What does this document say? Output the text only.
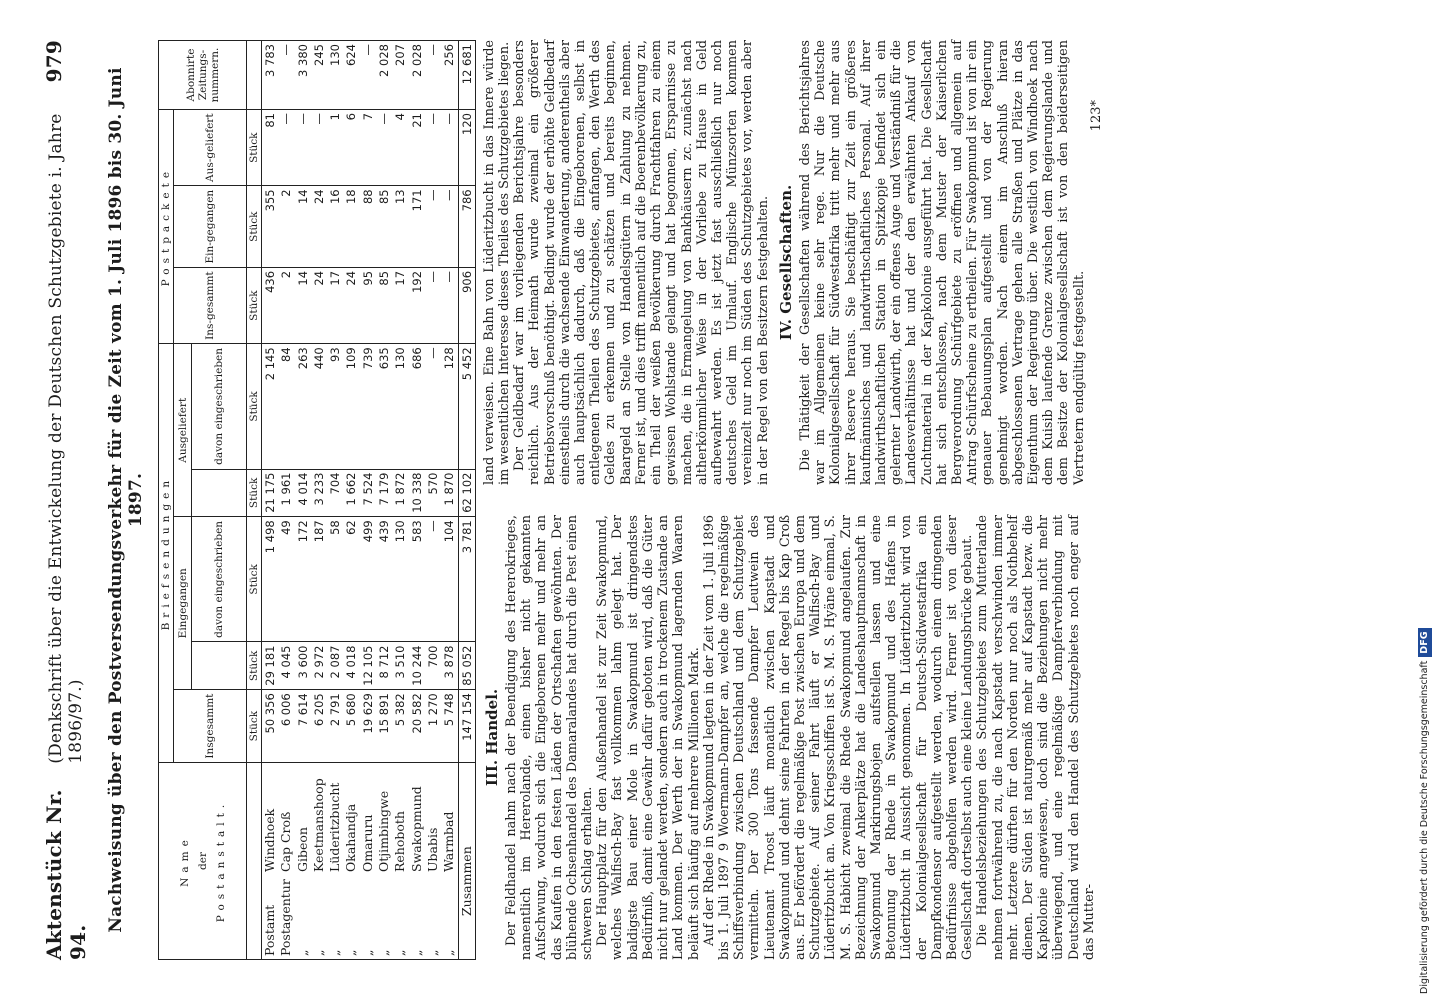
Aktenstück Nr. 94.
(Denkschrift über die Entwickelung der Deutschen Schutzgebiete i. Jahre 1896/97.)
979
Nachweisung über den Postversendungsverkehr für die Zeit vom 1. Juli 1896 bis 30. Juni 1897.
Name der Postanstalt.	Briefsendungen					Postpackete			Abonnirte Zeitungs-nummern.
	Insgesammt	Eingegangen		Ausgeliefert		Ins-gesammt	Ein-gegangen	Aus-geliefert	
			davon eingeschrieben		davon eingeschrieben				
	Stück	Stück	Stück	Stück	Stück	Stück	Stück	Stück	
PostamtWindhoek	50 356	29 181	1 498	21 175	2 145	436	355	81	3 783
PostagenturCap Croß	6 006	4 045	49	1 961	84	2	2	—	—
„Gibeon	7 614	3 600	172	4 014	263	14	14	—	3 380
„Keetmanshoop	6 205	2 972	187	3 233	440	24	24	—	245
„Lüderitzbucht	2 791	2 087	58	704	93	17	16	1	130
„Okahandja	5 680	4 018	62	1 662	109	24	18	6	624
„Omaruru	19 629	12 105	499	7 524	739	95	88	7	—
„Otjimbingwe	15 891	8 712	439	7 179	635	85	85	—	2 028
„Rehoboth	5 382	3 510	130	1 872	130	17	13	4	207
„Swakopmund	20 582	10 244	583	10 338	686	192	171	21	2 028
„Ubabis	1 270	700	—	570	—	—	—	—	—
„Warmbad	5 748	3 878	104	1 870	128	—	—	—	256
Zusammen	147 154	85 052	3 781	62 102	5 452	906	786	120	12 681
III. Handel. Der Feldhandel nahm nach der Beendigung des Hererokrieges, namentlich im Hererolande, einen bisher nicht gekannten Aufschwung, wodurch sich die Eingeborenen mehr und mehr an das Kaufen in den festen Läden der Ortschaften gewöhnten. Der blühende Ochsenhandel des Damaralandes hat durch die Pest einen schweren Schlag erhalten. Der Hauptplatz für den Außenhandel ist zur Zeit Swakopmund, welches Walfisch-Bay fast vollkommen lahm gelegt hat. Der baldigste Bau einer Mole in Swakopmund ist dringendstes Bedürfniß, damit eine Gewähr dafür geboten wird, daß die Güter nicht nur gelandet werden, sondern auch in trockenem Zustande an Land kommen. Der Werth der in Swakopmund lagernden Waaren beläuft sich häufig auf mehrere Millionen Mark. Auf der Rhede in Swakopmund legten in der Zeit vom 1. Juli 1896 bis 1. Juli 1897 9 Woermann-Dampfer an, welche die regelmäßige Schiffsverbindung zwischen Deutschland und dem Schutzgebiet vermitteln. Der 300 Tons fassende Dampfer Leutwein des Lieutenant Troost läuft monatlich zwischen Kapstadt und Swakopmund und dehnt seine Fahrten in der Regel bis Kap Croß aus. Er befördert die regelmäßige Post zwischen Europa und dem Schutzgebiete. Auf seiner Fahrt läuft er Walfisch-Bay und Lüderitzbucht an. Von Kriegsschiffen ist S. M. S. Hyäne einmal, S. M. S. Habicht zweimal die Rhede Swakopmund angelaufen. Zur Bezeichnung der Ankerplätze hat die Landeshauptmannschaft in Swakopmund Markirungsbojen aufstellen lassen und eine Betonnung der Rhede in Swakopmund und des Hafens in Lüderitzbucht in Aussicht genommen. In Lüderitzbucht wird von der Kolonialgesellschaft für Deutsch-Südwestafrika ein Dampfkondensor aufgestellt werden, wodurch einem dringenden Bedürfnisse abgeholfen werden wird. Ferner ist von dieser Gesellschaft dortselbst auch eine kleine Landungsbrücke gebaut. Die Handelsbeziehungen des Schutzgebietes zum Mutterlande nehmen fortwährend zu, die nach Kapstadt verschwinden immer mehr. Letztere dürften für den Norden nur noch als Nothbehelf dienen. Der Süden ist naturgemäß mehr auf Kapstadt bezw. die Kapkolonie angewiesen, doch sind die Beziehungen nicht mehr überwiegend, und eine regelmäßige Dampferverbindung mit Deutschland wird den Handel des Schutzgebietes noch enger auf das Mutter-

land verweisen. Eine Bahn von Lüderitzbucht in das Innere würde im wesentlichen Interesse dieses Theiles des Schutzgebietes liegen. Der Geldbedarf war im vorliegenden Berichtsjahre besonders reichlich. Aus der Heimath wurde zweimal ein größerer Betriebsvorschuß benöthigt. Bedingt wurde der erhöhte Geldbedarf einestheils durch die wachsende Einwanderung, anderentheils aber auch hauptsächlich dadurch, daß die Eingeborenen, selbst in entlegenen Theilen des Schutzgebietes, anfangen, den Werth des Geldes zu erkennen und zu schätzen und bereits beginnen, Baargeld an Stelle von Handelsgütern in Zahlung zu nehmen. Ferner ist, und dies trifft namentlich auf die Boerenbevölkerung zu, ein Theil der weißen Bevölkerung durch Frachtfahren zu einem gewissen Wohlstande gelangt und hat begonnen, Ersparnisse zu machen, die in Ermangelung von Bankhäusern zc. zunächst nach altherkömmlicher Weise in der Vorliebe zu Hause in Geld aufbewahrt werden. Es ist jetzt fast ausschließlich nur noch deutsches Geld im Umlauf. Englische Münzsorten kommen vereinzelt nur noch im Süden des Schutzgebietes vor, werden aber in der Regel von den Besitzern festgehalten. IV. Gesellschaften. Die Thätigkeit der Gesellschaften während des Berichtsjahres war im Allgemeinen keine sehr rege. Nur die Deutsche Kolonialgesellschaft für Südwestafrika tritt mehr und mehr aus ihrer Reserve heraus. Sie beschäftigt zur Zeit ein größeres kaufmännisches und landwirthschaftliches Personal. Auf ihrer landwirthschaftlichen Station in Spitzkopje befindet sich ein gelernter Landwirth, der ein offenes Auge und Verständniß für die Landesverhältnisse hat und der den erwähnten Ankauf von Zuchtmaterial in der Kapkolonie ausgeführt hat. Die Gesellschaft hat sich entschlossen, nach dem Muster der Kaiserlichen Bergverordnung Schürfgebiete zu eröffnen und allgemein auf Antrag Schürfscheine zu ertheilen. Für Swakopmund ist von ihr ein genauer Bebauungsplan aufgestellt und von der Regierung genehmigt worden. Nach einem im Anschluß hieran abgeschlossenen Vertrage gehen alle Straßen und Plätze in das Eigenthum der Regierung über. Die westlich von Windhoek nach dem Kuisib laufende Grenze zwischen dem Regierungslande und dem Besitze der Kolonialgesellschaft ist von den beiderseitigen Vertretern endgültig festgestellt.

123*
Digitalisierung gefördert durch die Deutsche ForschungsgemeinschaftDFG
